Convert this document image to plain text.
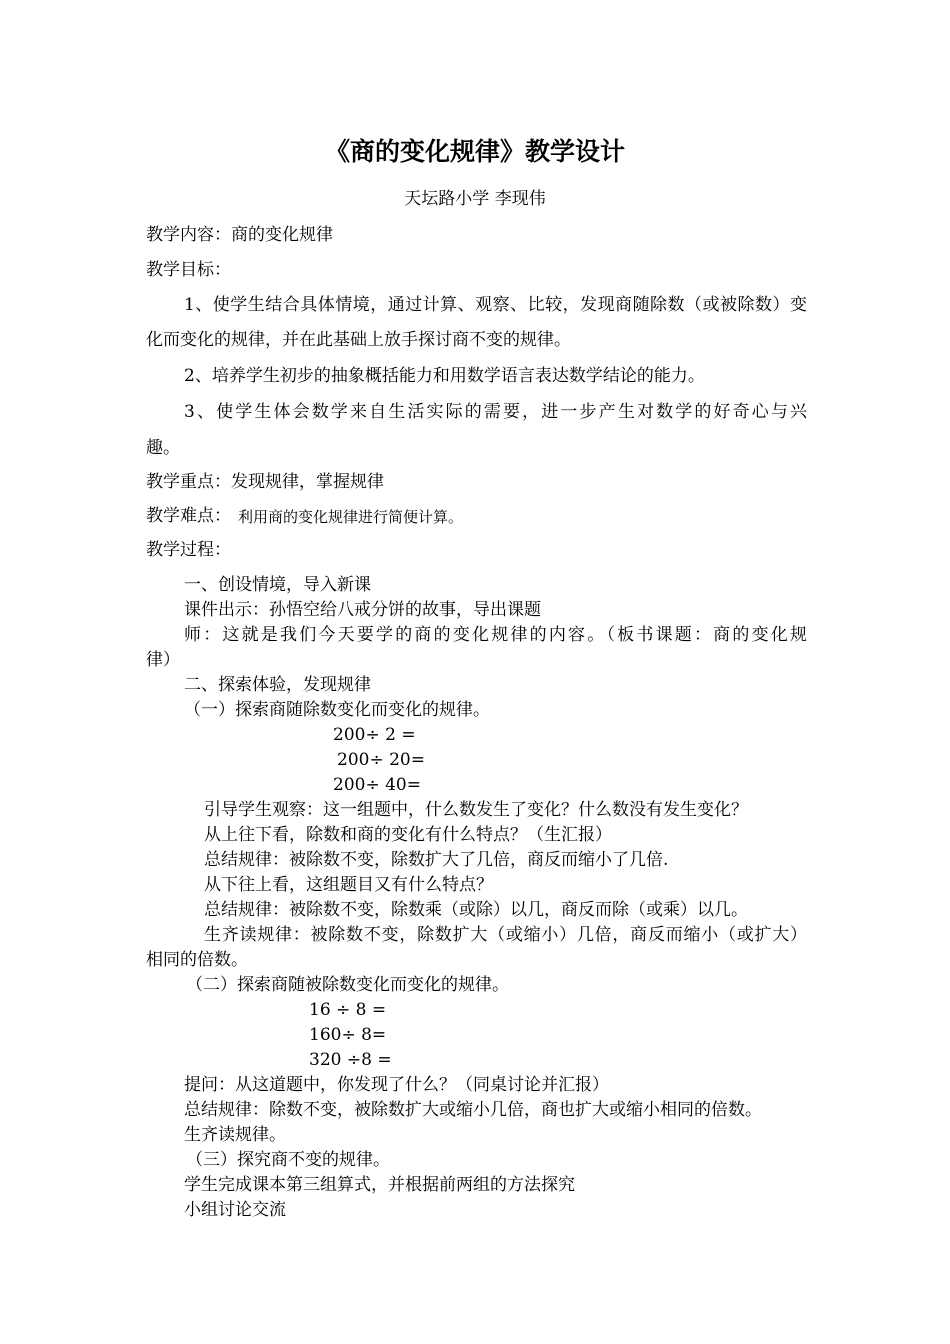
《商的变化规律》教学设计
天坛路小学 李现伟
教学内容：商的变化规律
教学目标：
1、使学生结合具体情境，通过计算、观察、比较，发现商随除数（或被除数）变
化而变化的规律，并在此基础上放手探讨商不变的规律。
2、培养学生初步的抽象概括能力和用数学语言表达数学结论的能力。
3、使学生体会数学来自生活实际的需要，进一步产生对数学的好奇心与兴
趣。
教学重点：发现规律，掌握规律
教学难点： 利用商的变化规律进行简便计算。
教学过程：
一、创设情境，导入新课
课件出示：孙悟空给八戒分饼的故事，导出课题
师：这就是我们今天要学的商的变化规律的内容。（板书课题：商的变化规
律）
二、探索体验，发现规律
（一）探索商随除数变化而变化的规律。
200÷ 2 =
200÷ 20=
200÷ 40=
引导学生观察：这一组题中，什么数发生了变化？什么数没有发生变化？
从上往下看，除数和商的变化有什么特点？（生汇报）
总结规律：被除数不变，除数扩大了几倍，商反而缩小了几倍.
从下往上看，这组题目又有什么特点？
总结规律：被除数不变，除数乘（或除）以几，商反而除（或乘）以几。
生齐读规律：被除数不变，除数扩大（或缩小）几倍，商反而缩小（或扩大）
相同的倍数。
（二）探索商随被除数变化而变化的规律。
16 ÷ 8 =
160÷ 8=
320 ÷8 =
提问：从这道题中，你发现了什么？（同桌讨论并汇报）
总结规律：除数不变，被除数扩大或缩小几倍，商也扩大或缩小相同的倍数。
生齐读规律。
（三）探究商不变的规律。
学生完成课本第三组算式，并根据前两组的方法探究
小组讨论交流
